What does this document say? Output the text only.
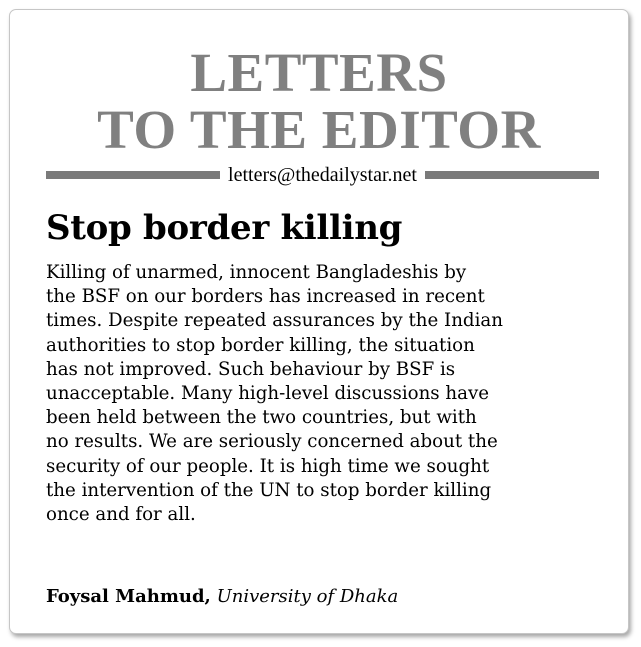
LETTERS
TO THE EDITOR
letters@thedailystar.net
Stop border killing
Killing of unarmed, innocent Bangladeshis by
the BSF on our borders has increased in recent
times. Despite repeated assurances by the Indian
authorities to stop border killing, the situation
has not improved. Such behaviour by BSF is
unacceptable. Many high-level discussions have
been held between the two countries, but with
no results. We are seriously concerned about the
security of our people. It is high time we sought
the intervention of the UN to stop border killing
once and for all.
Foysal Mahmud, University of Dhaka
